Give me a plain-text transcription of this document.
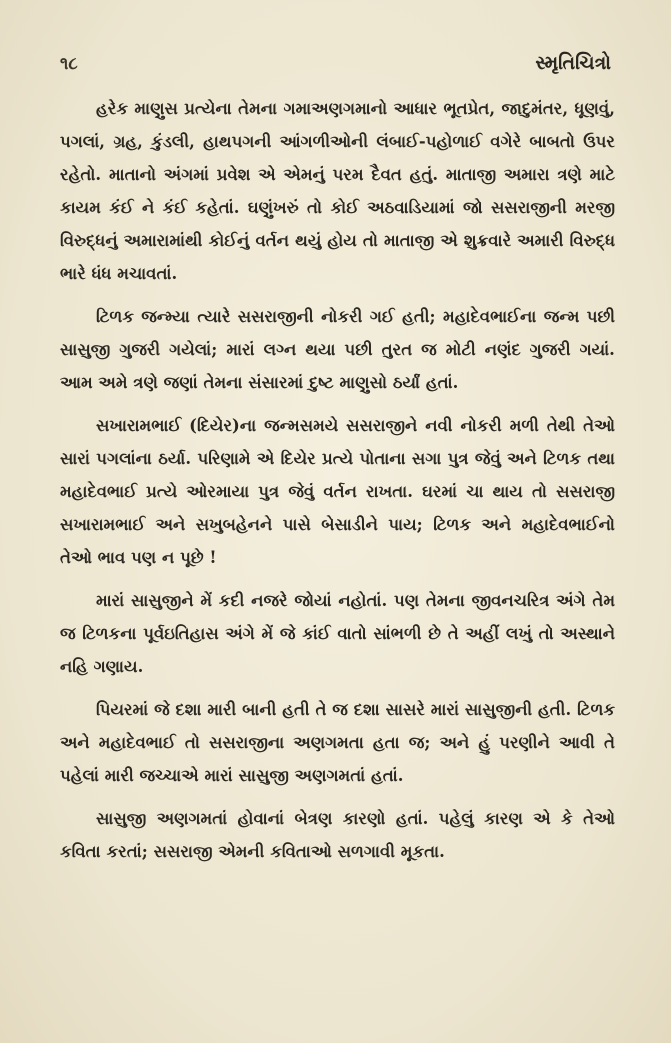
૧૮	સ્મૃતિચિત્રો

હરેક માણુસ પ્રત્યેના તેમના ગમાઅણગમાનો આધાર ભૂતપ્રેત, જાદુમંતર, ધૂણવું, પગલાં, ગ્રહ, કુંડલી, હાથપગની આંગળીઓની લંબાઈ-પહોળાઈ વગેરે બાબતો ઉપર રહેતો. માતાનો અંગમાં પ્રવેશ એ એમનું પરમ દૈવત હતું. માતાજી અમારા ત્રણે માટે કાયમ કંઈ ને કંઈ કહેતાં. ઘણુંખરું તો કોઈ અઠવાડિયામાં જો સસરાજીની મરજી વિરુદ્ધનું અમારામાંથી કોઈનું વર્તન થયું હોય તો માતાજી એ શુક્રવારે અમારી વિરુદ્ધ ભારે ધંધ મચાવતાં.

ટિળક જન્મ્યા ત્યારે સસરાજીની નોકરી ગઈ હતી; મહાદેવભાઈના જન્મ પછી સાસુજી ગુજરી ગયેલાં; મારાં લગ્ન થયા પછી તુરત જ મોટી નણંદ ગુજરી ગયાં. આમ અમે ત્રણે જણાં તેમના સંસારમાં દુષ્ટ માણુસો ઠર્યાં હતાં.

સખારામભાઈ (દિયેર)ના જન્મસમયે સસરાજીને નવી નોકરી મળી તેથી તેઓ સારાં પગલાંના ઠર્યા. પરિણામે એ દિયેર પ્રત્યે પોતાના સગા પુત્ર જેવું અને ટિળક તથા મહાદેવભાઈ પ્રત્યે ઓરમાયા પુત્ર જેવું વર્તન રાખતા. ઘરમાં ચા થાય તો સસરાજી સખારામભાઈ અને સખુબહેનને પાસે બેસાડીને પાય; ટિળક અને મહાદેવભાઈનો તેઓ ભાવ પણ ન પૂછે !

મારાં સાસુજીને મેં કદી નજરે જોયાં નહોતાં. પણ તેમના જીવનચરિત્ર અંગે તેમ જ ટિળકના પૂર્વઇતિહાસ અંગે મેં જે કાંઈ વાતો સાંભળી છે તે અહીં લખું તો અસ્થાને નહિ ગણાય.

પિયરમાં જે દશા મારી બાની હતી તે જ દશા સાસરે મારાં સાસુજીની હતી. ટિળક અને મહાદેવભાઈ તો સસરાજીના અણગમતા હતા જ; અને હું પરણીને આવી તે પહેલાં મારી જચ્ચાએ મારાં સાસુજી અણગમતાં હતાં.

સાસુજી અણગમતાં હોવાનાં બેત્રણ કારણો હતાં. પહેલું કારણ એ કે તેઓ કવિતા કરતાં; સસરાજી એમની કવિતાઓ સળગાવી મૂકતા.
